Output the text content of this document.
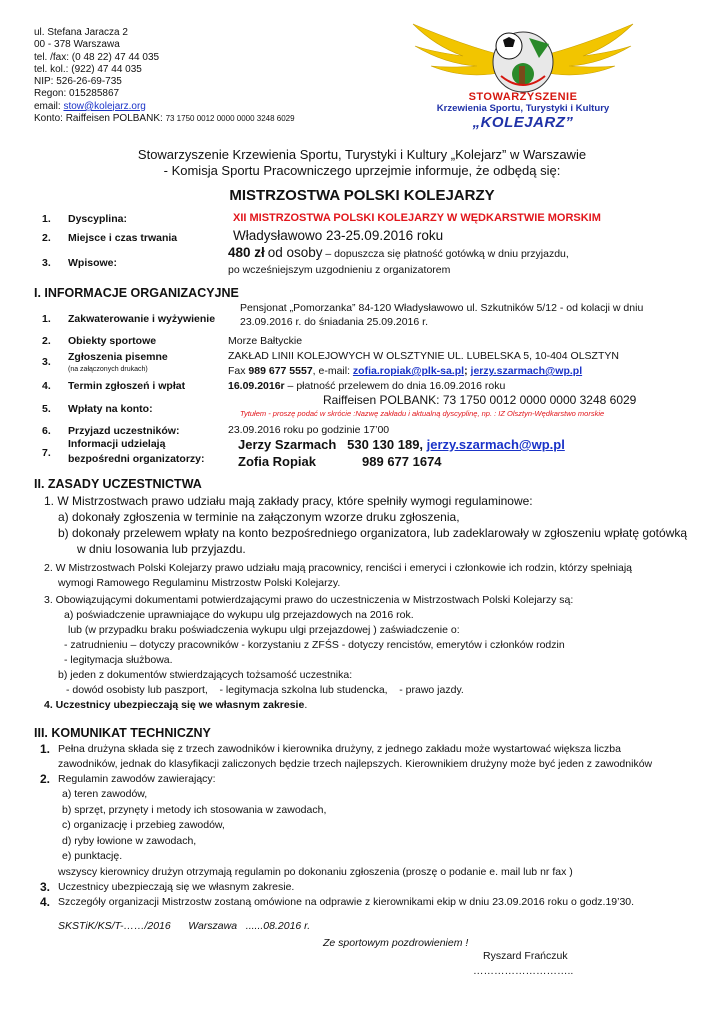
ul. Stefana Jaracza 2
00 - 378 Warszawa
tel. /fax: (0 48 22) 47 44 035
tel. kol.: (922) 47 44 035
NIP: 526-26-69-735
Regon: 015285867
email: stow@kolejarz.org
Konto: Raiffeisen POLBANK: 73 1750 0012 0000 0000 3248 6029
STOWARZYSZENIE
Krzewienia Sportu, Turystyki i Kultury
„KOLEJARZ”
Stowarzyszenie Krzewienia Sportu, Turystyki i Kultury „Kolejarz” w Warszawie
- Komisja Sportu Pracowniczego uprzejmie informuje, że odbędą się:
MISTRZOSTWA POLSKI KOLEJARZY
1. Dyscyplina:	XII MISTRZOSTWA POLSKI KOLEJARZY W WĘDKARSTWIE MORSKIM
2. Miejsce i czas trwania	Władysławowo 23-25.09.2016 roku
3. Wpisowe:
480 zł od osoby – dopuszcza się płatność gotówką w dniu przyjazdu,
po wcześniejszym uzgodnieniu z organizatorem
I. INFORMACJE ORGANIZACYJNE
1. Zakwaterowanie i wyżywienie
Pensjonat „Pomorzanka” 84-120 Władysławowo ul. Szkutników 5/12 - od kolacji w dniu
23.09.2016 r. do śniadania 25.09.2016 r.
2. Obiekty sportowe	Morze Bałtyckie
3. Zgłoszenia pisemne
(na załączonych drukach)
ZAKŁAD LINII KOLEJOWYCH W OLSZTYNIE UL. LUBELSKA 5, 10-404 OLSZTYN
Fax 989 677 5557, e-mail: zofia.ropiak@plk-sa.pl; jerzy.szarmach@wp.pl
4. Termin zgłoszeń i wpłat	16.09.2016r – płatność przelewem do dnia 16.09.2016 roku
5. Wpłaty na konto:
Raiffeisen POLBANK: 73 1750 0012 0000 0000 3248 6029
Tytułem - proszę podać w skrócie :Nazwę zakładu i aktualną dyscyplinę, np. : IZ Olsztyn-Wędkarstwo morskie
6. Przyjazd uczestników:	23.09.2016 roku po godzinie 17’00
7.
Informacji udzielają
bezpośredni organizatorzy:
Jerzy Szarmach 530 130 189, jerzy.szarmach@wp.pl
Zofia Ropiak	989 677 1674
II. ZASADY UCZESTNICTWA
1. W Mistrzostwach prawo udziału mają zakłady pracy, które spełniły wymogi regulaminowe:
a) dokonały zgłoszenia w terminie na załączonym wzorze druku zgłoszenia,
b) dokonały przelewem wpłaty na konto bezpośredniego organizatora, lub zadeklarowały w zgłoszeniu wpłatę gotówką
w dniu losowania lub przyjazdu.
2. W Mistrzostwach Polski Kolejarzy prawo udziału mają pracownicy, renciści i emeryci i członkowie ich rodzin, którzy spełniają
wymogi Ramowego Regulaminu Mistrzostw Polski Kolejarzy.
3. Obowiązującymi dokumentami potwierdzającymi prawo do uczestniczenia w Mistrzostwach Polski Kolejarzy są:
a) poświadczenie uprawniające do wykupu ulg przejazdowych na 2016 rok.
lub (w przypadku braku poświadczenia wykupu ulgi przejazdowej ) zaświadczenie o:
- zatrudnieniu – dotyczy pracowników - korzystaniu z ZFŚS - dotyczy rencistów, emerytów i członków rodzin
- legitymacja służbowa.
b) jeden z dokumentów stwierdzających tożsamość uczestnika:
- dowód osobisty lub paszport,    - legitymacja szkolna lub studencka,    - prawo jazdy.
4. Uczestnicy ubezpieczają się we własnym zakresie.
III. KOMUNIKAT TECHNICZNY
1. Pełna drużyna składa się z trzech zawodników i kierownika drużyny, z jednego zakładu może wystartować większa liczba
zawodników, jednak do klasyfikacji zaliczonych będzie trzech najlepszych. Kierownikiem drużyny może być jeden z zawodników
2. Regulamin zawodów zawierający:
a) teren zawodów,
b) sprzęt, przynęty i metody ich stosowania w zawodach,
c) organizację i przebieg zawodów,
d) ryby łowione w zawodach,
e) punktację.
wszyscy kierownicy drużyn otrzymają regulamin po dokonaniu zgłoszenia (proszę o podanie e. mail lub nr fax )
3. Uczestnicy ubezpieczają się we własnym zakresie.
4. Szczegóły organizacji Mistrzostw zostaną omówione na odprawie z kierownikami ekip w dniu 23.09.2016 roku o godz.19’30.
SKSTiK/KS/T-……/2016      Warszawa   ......08.2016 r.
Ze sportowym pozdrowieniem !
Ryszard Frańczuk
………………………..
